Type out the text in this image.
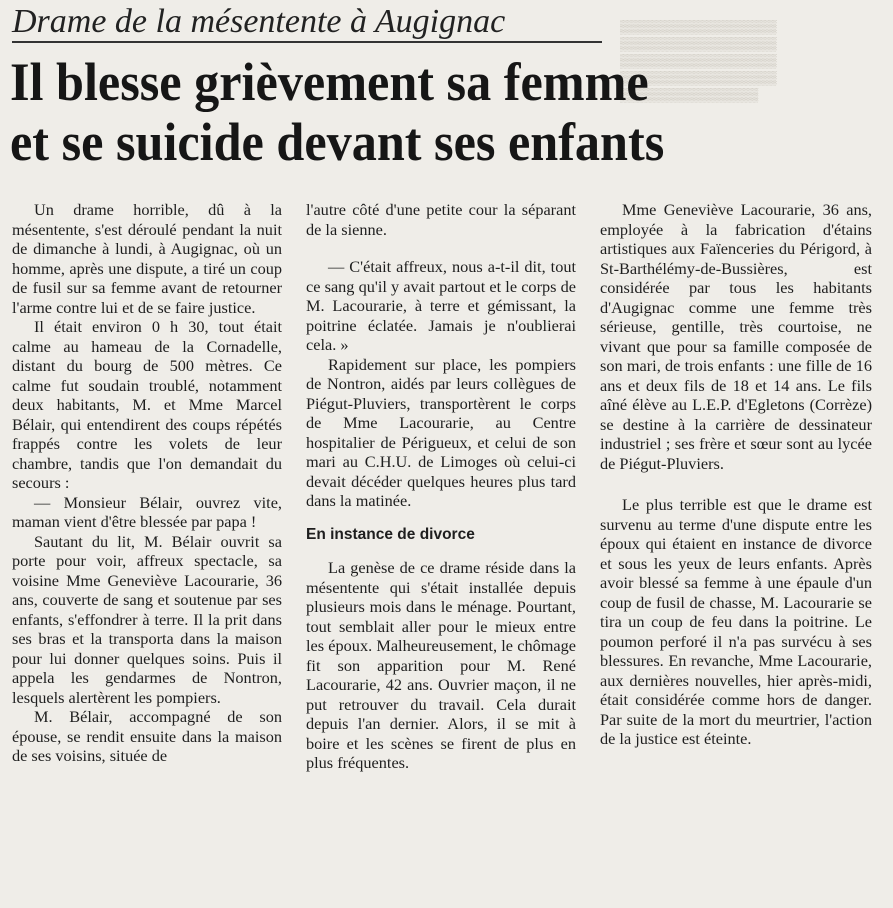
▒▒▒▒▒▒▒▒▒▒▒▒▒▒▒▒▒
▒▒▒▒▒▒▒▒▒▒▒▒▒▒▒▒▒
▒▒▒▒▒▒▒▒▒▒▒▒▒▒▒▒▒
▒▒▒▒▒▒▒▒▒▒▒▒▒▒▒▒▒
▒▒▒▒▒▒▒▒▒▒▒▒▒▒▒
Drame de la mésentente à Augignac
Il blesse grièvement sa femme
et se suicide devant ses enfants

Un drame horrible, dû à la mésentente, s'est déroulé pendant la nuit de dimanche à lundi, à Augignac, où un homme, après une dispute, a tiré un coup de fusil sur sa femme avant de retourner l'arme contre lui et de se faire justice.

Il était environ 0 h 30, tout était calme au hameau de la Cornadelle, distant du bourg de 500 mètres. Ce calme fut soudain troublé, notamment deux habitants, M. et Mme Marcel Bélair, qui entendirent des coups répétés frappés contre les volets de leur chambre, tandis que l'on demandait du secours :

— Monsieur Bélair, ouvrez vite, maman vient d'être blessée par papa !

Sautant du lit, M. Bélair ouvrit sa porte pour voir, affreux spectacle, sa voisine Mme Geneviève Lacourarie, 36 ans, couverte de sang et soutenue par ses enfants, s'effondrer à terre. Il la prit dans ses bras et la transporta dans la maison pour lui donner quelques soins. Puis il appela les gendarmes de Nontron, lesquels alertèrent les pompiers.

M. Bélair, accompagné de son épouse, se rendit ensuite dans la maison de ses voisins, située de

l'autre côté d'une petite cour la séparant de la sienne.

— C'était affreux, nous a-t-il dit, tout ce sang qu'il y avait partout et le corps de M. Lacourarie, à terre et gémissant, la poitrine éclatée. Jamais je n'oublierai cela. »

Rapidement sur place, les pompiers de Nontron, aidés par leurs collègues de Piégut-Pluviers, transportèrent le corps de Mme Lacourarie, au Centre hospitalier de Périgueux, et celui de son mari au C.H.U. de Limoges où celui-ci devait décéder quelques heures plus tard dans la matinée.

En instance de divorce

La genèse de ce drame réside dans la mésentente qui s'était installée depuis plusieurs mois dans le ménage. Pourtant, tout semblait aller pour le mieux entre les époux. Malheureusement, le chômage fit son apparition pour M. René Lacourarie, 42 ans. Ouvrier maçon, il ne put retrouver du travail. Cela durait depuis l'an dernier. Alors, il se mit à boire et les scènes se firent de plus en plus fréquentes.

Mme Geneviève Lacourarie, 36 ans, employée à la fabrication d'étains artistiques aux Faïenceries du Périgord, à St-Barthélémy-de-Bussières, est considérée par tous les habitants d'Augignac comme une femme très sérieuse, gentille, très courtoise, ne vivant que pour sa famille composée de son mari, de trois enfants : une fille de 16 ans et deux fils de 18 et 14 ans. Le fils aîné élève au L.E.P. d'Egletons (Corrèze) se destine à la carrière de dessinateur industriel ; ses frère et sœur sont au lycée de Piégut-Pluviers.

Le plus terrible est que le drame est survenu au terme d'une dispute entre les époux qui étaient en instance de divorce et sous les yeux de leurs enfants. Après avoir blessé sa femme à une épaule d'un coup de fusil de chasse, M. Lacourarie se tira un coup de feu dans la poitrine. Le poumon perforé il n'a pas survécu à ses blessures. En revanche, Mme Lacourarie, aux dernières nouvelles, hier après-midi, était considérée comme hors de danger. Par suite de la mort du meurtrier, l'action de la justice est éteinte.
